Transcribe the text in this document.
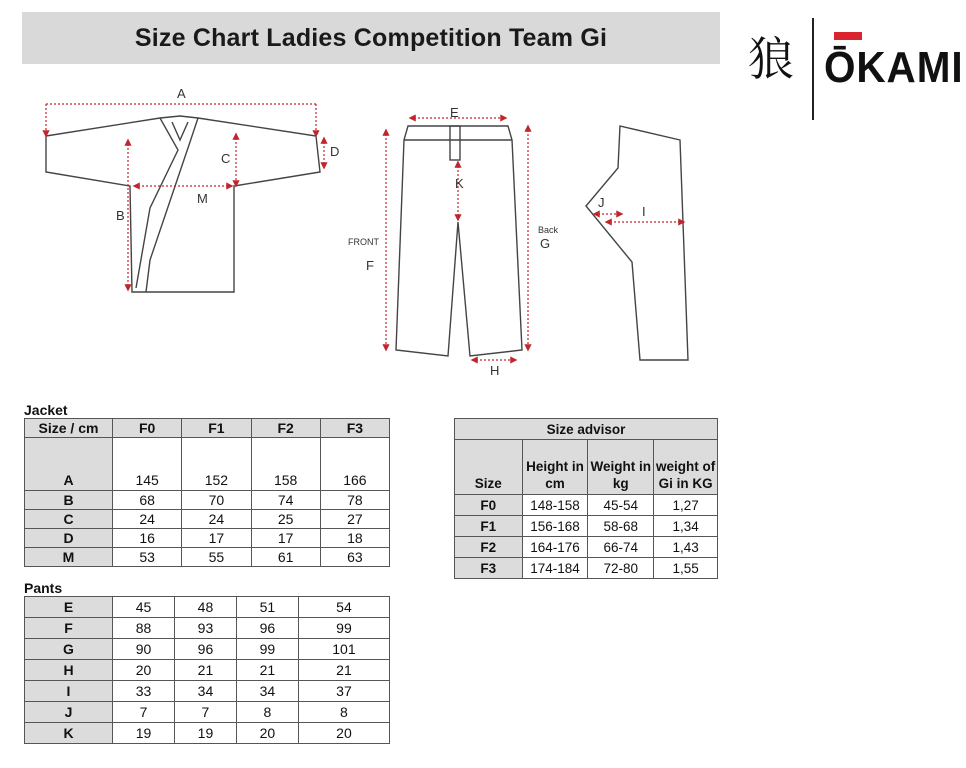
Size Chart Ladies Competition Team Gi	狼 ŌKAMI
A
B
C	D
M
E
K
FRONT
F
Back
G
H
J
I
Jacket
Size / cm	F0	F1	F2	F3
A	145	152	158	166
B	68	70	74	78
C	24	24	25	27
D	16	17	17	18
M	53	55	61	63
Pants
E	45	48	51	54
F	88	93	96	99
G	90	96	99	101
H	20	21	21	21
I	33	34	34	37
J	7	7	8	8
K	19	19	20	20
Size advisor			
Size	Height in cm	Weight in kg	weight of Gi in KG
F0	148-158	45-54	1,27
F1	156-168	58-68	1,34
F2	164-176	66-74	1,43
F3	174-184	72-80	1,55
